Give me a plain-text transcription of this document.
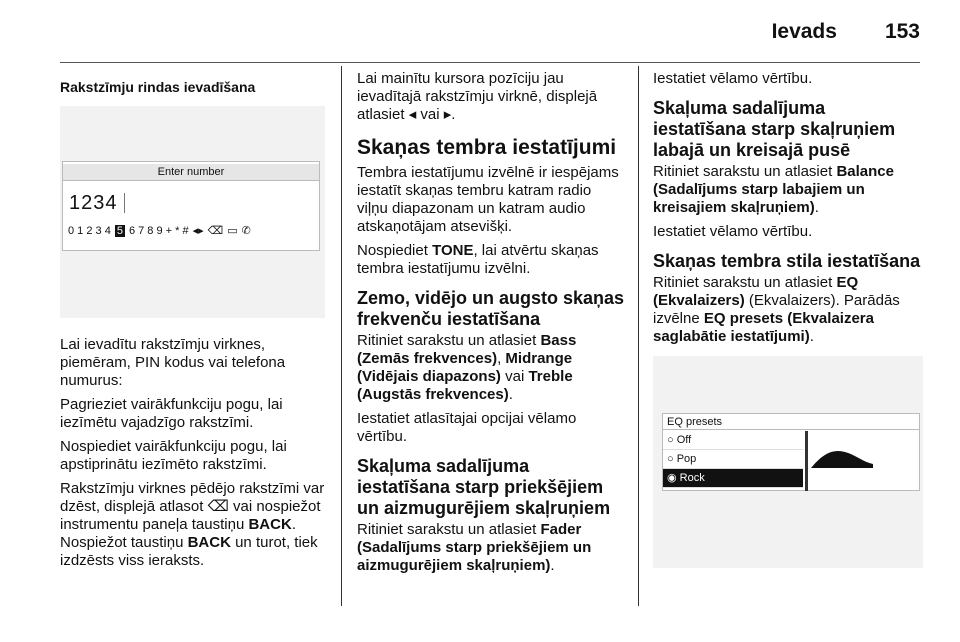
Ievads 153

Rakstzīmju rindas ievadīšana

Enter number
1234
0 1 2 3 4 5 6 7 8 9 + * # ◂▸ ⌫ ▭ ✆

Lai ievadītu rakstzīmju virknes, piemēram, PIN kodus vai telefona numurus:

Pagrieziet vairākfunkciju pogu, lai iezīmētu vajadzīgo rakstzīmi.

Nospiediet vairākfunkciju pogu, lai apstiprinātu iezīmēto rakstzīmi.

Rakstzīmju virknes pēdējo rakstzīmi var dzēst, displejā atlasot ⌫ vai nospiežot instrumentu paneļa taustiņu BACK. Nospiežot taustiņu BACK un turot, tiek izdzēsts viss ieraksts.

Lai mainītu kursora pozīciju jau ievadītajā rakstzīmju virknē, displejā atlasiet ◂ vai ▸.

Skaņas tembra iestatījumi

Tembra iestatījumu izvēlnē ir iespējams iestatīt skaņas tembru katram radio viļņu diapazonam un katram audio atskaņotājam atsevišķi.

Nospiediet TONE, lai atvērtu skaņas tembra iestatījumu izvēlni.

Zemo, vidējo un augsto skaņas frekvenču iestatīšana

Ritiniet sarakstu un atlasiet Bass (Zemās frekvences), Midrange (Vidējais diapazons) vai Treble (Augstās frekvences).

Iestatiet atlasītajai opcijai vēlamo vērtību.

Skaļuma sadalījuma iestatīšana starp priekšējiem un aizmugurējiem skaļruņiem

Ritiniet sarakstu un atlasiet Fader (Sadalījums starp priekšējiem un aizmugurējiem skaļruņiem).

Iestatiet vēlamo vērtību.

Skaļuma sadalījuma iestatīšana starp skaļruņiem labajā un kreisajā pusē

Ritiniet sarakstu un atlasiet Balance (Sadalījums starp labajiem un kreisajiem skaļruņiem).

Iestatiet vēlamo vērtību.

Skaņas tembra stila iestatīšana

Ritiniet sarakstu un atlasiet EQ (Ekvalaizers) (Ekvalaizers). Parādās izvēlne EQ presets (Ekvalaizera saglabātie iestatījumi).

EQ presets
○ Off
○ Pop
◉ Rock
